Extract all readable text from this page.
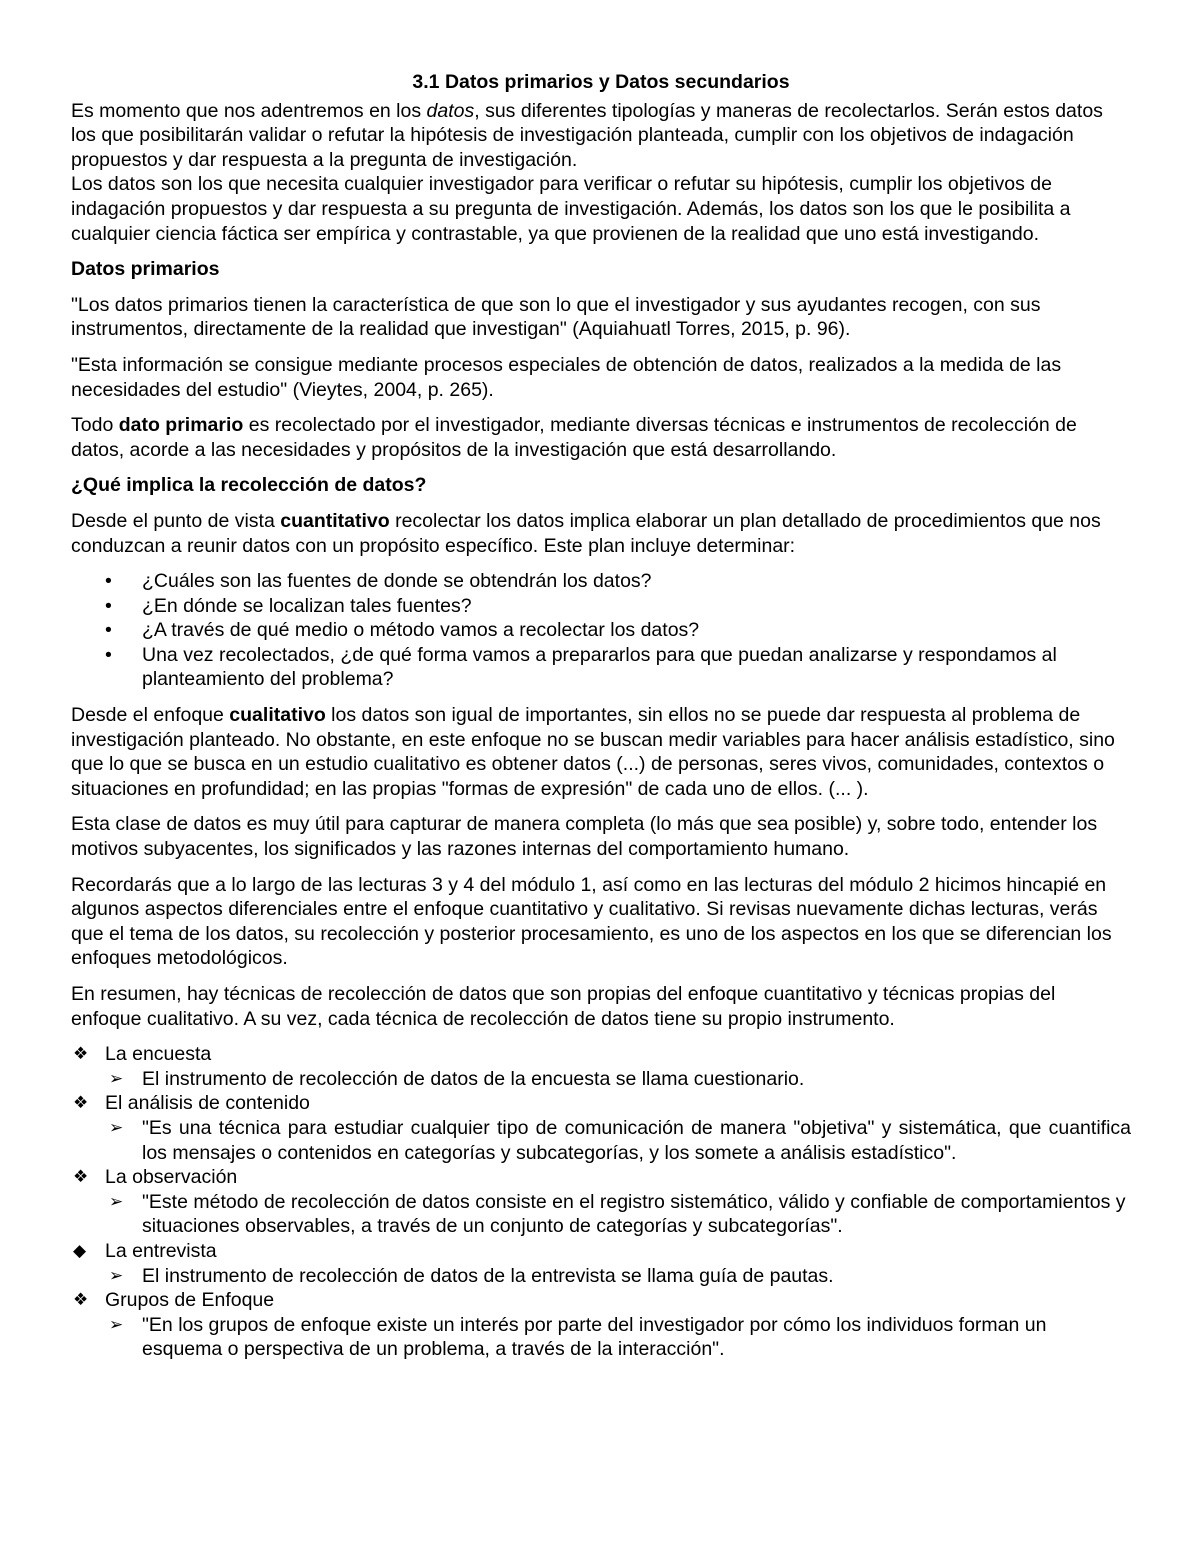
3.1 Datos primarios y Datos secundarios

Es momento que nos adentremos en los datos, sus diferentes tipologías y maneras de recolectarlos. Serán estos datos los que posibilitarán validar o refutar la hipótesis de investigación planteada, cumplir con los objetivos de indagación propuestos y dar respuesta a la pregunta de investigación.
Los datos son los que necesita cualquier investigador para verificar o refutar su hipótesis, cumplir los objetivos de indagación propuestos y dar respuesta a su pregunta de investigación. Además, los datos son los que le posibilita a cualquier ciencia fáctica ser empírica y contrastable, ya que provienen de la realidad que uno está investigando.

Datos primarios

"Los datos primarios tienen la característica de que son lo que el investigador y sus ayudantes recogen, con sus instrumentos, directamente de la realidad que investigan" (Aquiahuatl Torres, 2015, p. 96).

"Esta información se consigue mediante procesos especiales de obtención de datos, realizados a la medida de las necesidades del estudio" (Vieytes, 2004, p. 265).

Todo dato primario es recolectado por el investigador, mediante diversas técnicas e instrumentos de recolección de datos, acorde a las necesidades y propósitos de la investigación que está desarrollando.

¿Qué implica la recolección de datos?

Desde el punto de vista cuantitativo recolectar los datos implica elaborar un plan detallado de procedimientos que nos conduzcan a reunir datos con un propósito específico. Este plan incluye determinar:

• ¿Cuáles son las fuentes de donde se obtendrán los datos?
• ¿En dónde se localizan tales fuentes?
• ¿A través de qué medio o método vamos a recolectar los datos?
• Una vez recolectados, ¿de qué forma vamos a prepararlos para que puedan analizarse y respondamos al planteamiento del problema?

Desde el enfoque cualitativo los datos son igual de importantes, sin ellos no se puede dar respuesta al problema de investigación planteado. No obstante, en este enfoque no se buscan medir variables para hacer análisis estadístico, sino que lo que se busca en un estudio cualitativo es obtener datos (...) de personas, seres vivos, comunidades, contextos o situaciones en profundidad; en las propias "formas de expresión" de cada uno de ellos. (... ).

Esta clase de datos es muy útil para capturar de manera completa (lo más que sea posible) y, sobre todo, entender los motivos subyacentes, los significados y las razones internas del comportamiento humano.

Recordarás que a lo largo de las lecturas 3 y 4 del módulo 1, así como en las lecturas del módulo 2 hicimos hincapié en algunos aspectos diferenciales entre el enfoque cuantitativo y cualitativo. Si revisas nuevamente dichas lecturas, verás que el tema de los datos, su recolección y posterior procesamiento, es uno de los aspectos en los que se diferencian los enfoques metodológicos.

En resumen, hay técnicas de recolección de datos que son propias del enfoque cuantitativo y técnicas propias del enfoque cualitativo. A su vez, cada técnica de recolección de datos tiene su propio instrumento.

❖ La encuesta
➢ El instrumento de recolección de datos de la encuesta se llama cuestionario.
❖ El análisis de contenido
➢ "Es una técnica para estudiar cualquier tipo de comunicación de manera "objetiva" y sistemática, que cuantifica los mensajes o contenidos en categorías y subcategorías, y los somete a análisis estadístico".
❖ La observación
➢ "Este método de recolección de datos consiste en el registro sistemático, válido y confiable de comportamientos y situaciones observables, a través de un conjunto de categorías y subcategorías".
◆ La entrevista
➢ El instrumento de recolección de datos de la entrevista se llama guía de pautas.
❖ Grupos de Enfoque
➢ "En los grupos de enfoque existe un interés por parte del investigador por cómo los individuos forman un esquema o perspectiva de un problema, a través de la interacción".
